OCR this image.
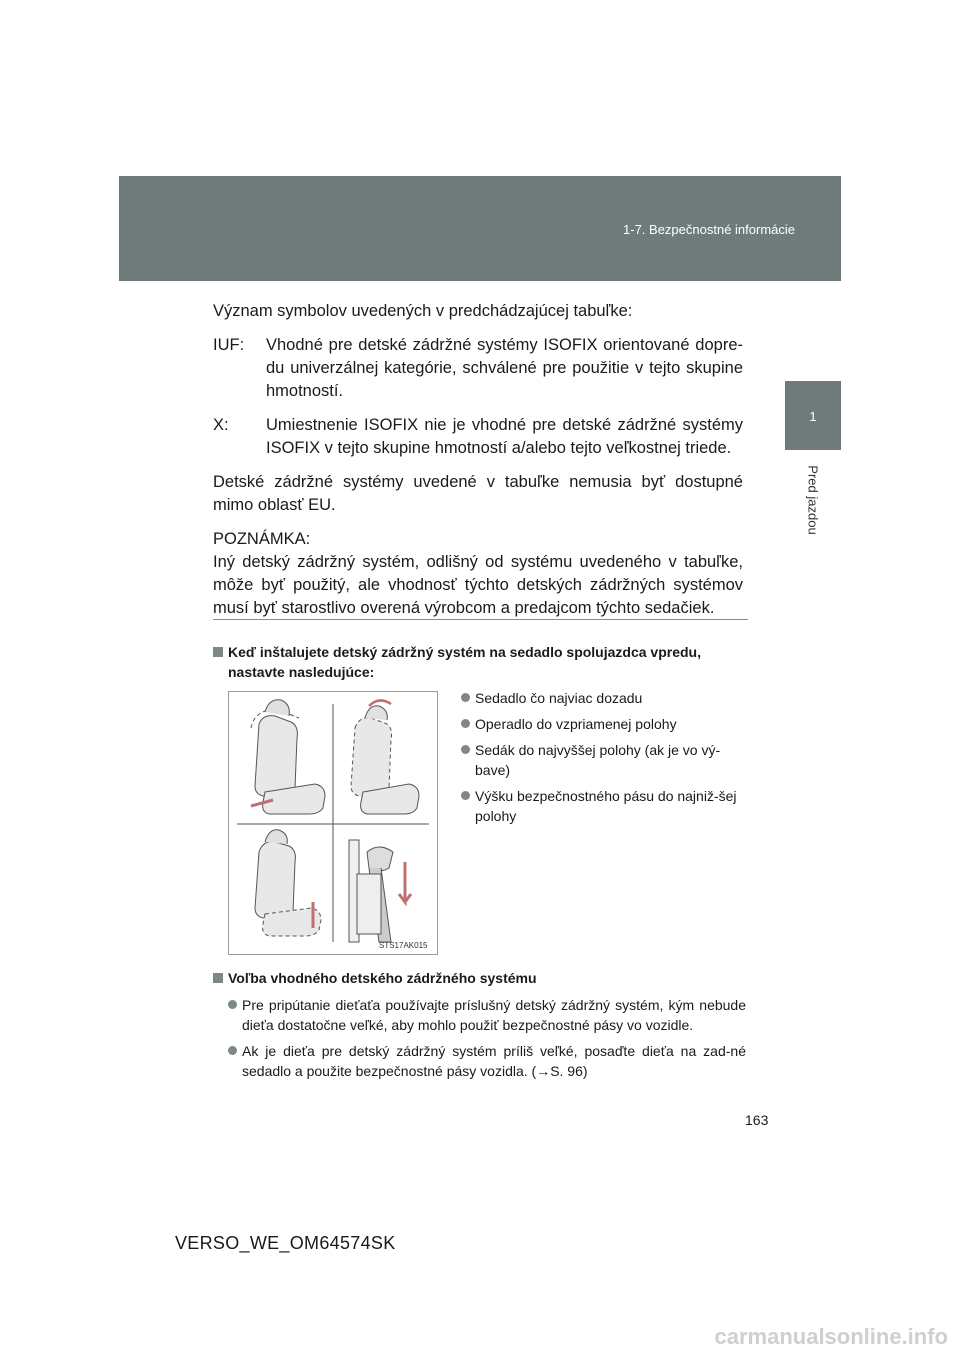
1-7. Bezpečnostné informácie
1
Pred jazdou

Význam symbolov uvedených v predchádzajúcej tabuľke:

IUF:	Vhodné pre detské zádržné systémy ISOFIX orientované dopre-du univerzálnej kategórie, schválené pre použitie v tejto skupine hmotností.
X:	Umiestnenie ISOFIX nie je vhodné pre detské zádržné systémy ISOFIX v tejto skupine hmotností a/alebo tejto veľkostnej triede.

Detské zádržné systémy uvedené v tabuľke nemusia byť dostupné mimo oblasť EU.

POZNÁMKA:
Iný detský zádržný systém, odlišný od systému uvedeného v tabuľke, môže byť použitý, ale vhodnosť týchto detských zádržných systémov musí byť starostlivo overená výrobcom a predajcom týchto sedačiek.
Keď inštalujete detský zádržný systém na sedadlo spolujazdca vpredu, nastavte nasledujúce:
STS17AK015
Sedadlo čo najviac dozadu
Operadlo do vzpriamenej polohy
Sedák do najvyššej polohy (ak je vo vý-bave)
Výšku bezpečnostného pásu do najniž-šej polohy
Voľba vhodného detského zádržného systému
Pre pripútanie dieťaťa používajte príslušný detský zádržný systém, kým nebude dieťa dostatočne veľké, aby mohlo použiť bezpečnostné pásy vo vozidle.
Ak je dieťa pre detský zádržný systém príliš veľké, posaďte dieťa na zad-né sedadlo a použite bezpečnostné pásy vozidla. (→S. 96)
163
VERSO_WE_OM64574SK
carmanualsonline.info
